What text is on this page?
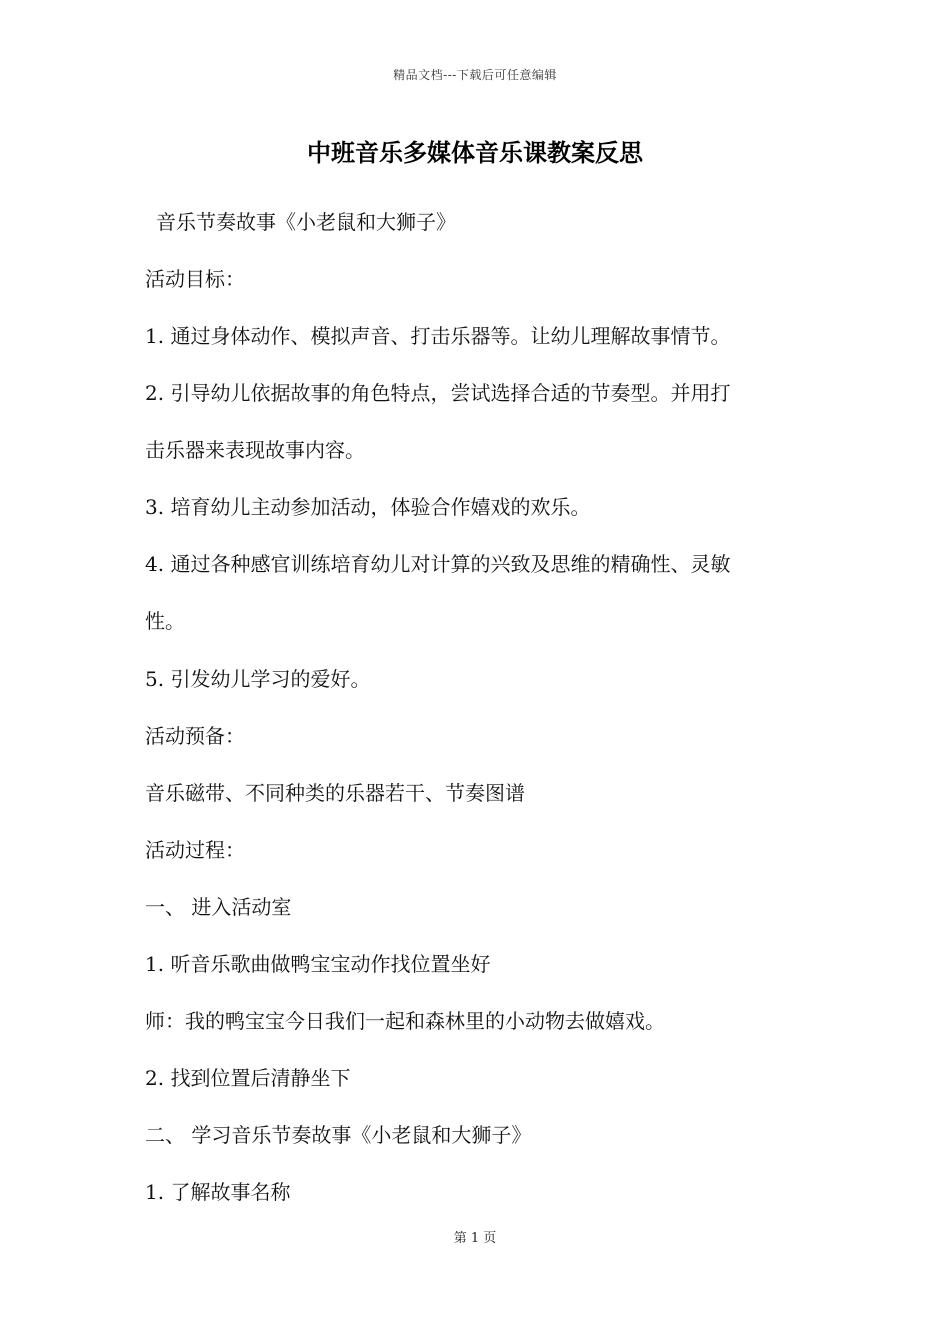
精品文档---下载后可任意编辑
中班音乐多媒体音乐课教案反思
音乐节奏故事《小老鼠和大狮子》
活动目标：
1. 通过身体动作、模拟声音、打击乐器等。让幼儿理解故事情节。
2. 引导幼儿依据故事的角色特点，尝试选择合适的节奏型。并用打
击乐器来表现故事内容。
3. 培育幼儿主动参加活动，体验合作嬉戏的欢乐。
4. 通过各种感官训练培育幼儿对计算的兴致及思维的精确性、灵敏
性。
5. 引发幼儿学习的爱好。
活动预备：
音乐磁带、不同种类的乐器若干、节奏图谱
活动过程：
一、 进入活动室
1. 听音乐歌曲做鸭宝宝动作找位置坐好
师：我的鸭宝宝今日我们一起和森林里的小动物去做嬉戏。
2. 找到位置后清静坐下
二、 学习音乐节奏故事《小老鼠和大狮子》
1. 了解故事名称
第 1 页
